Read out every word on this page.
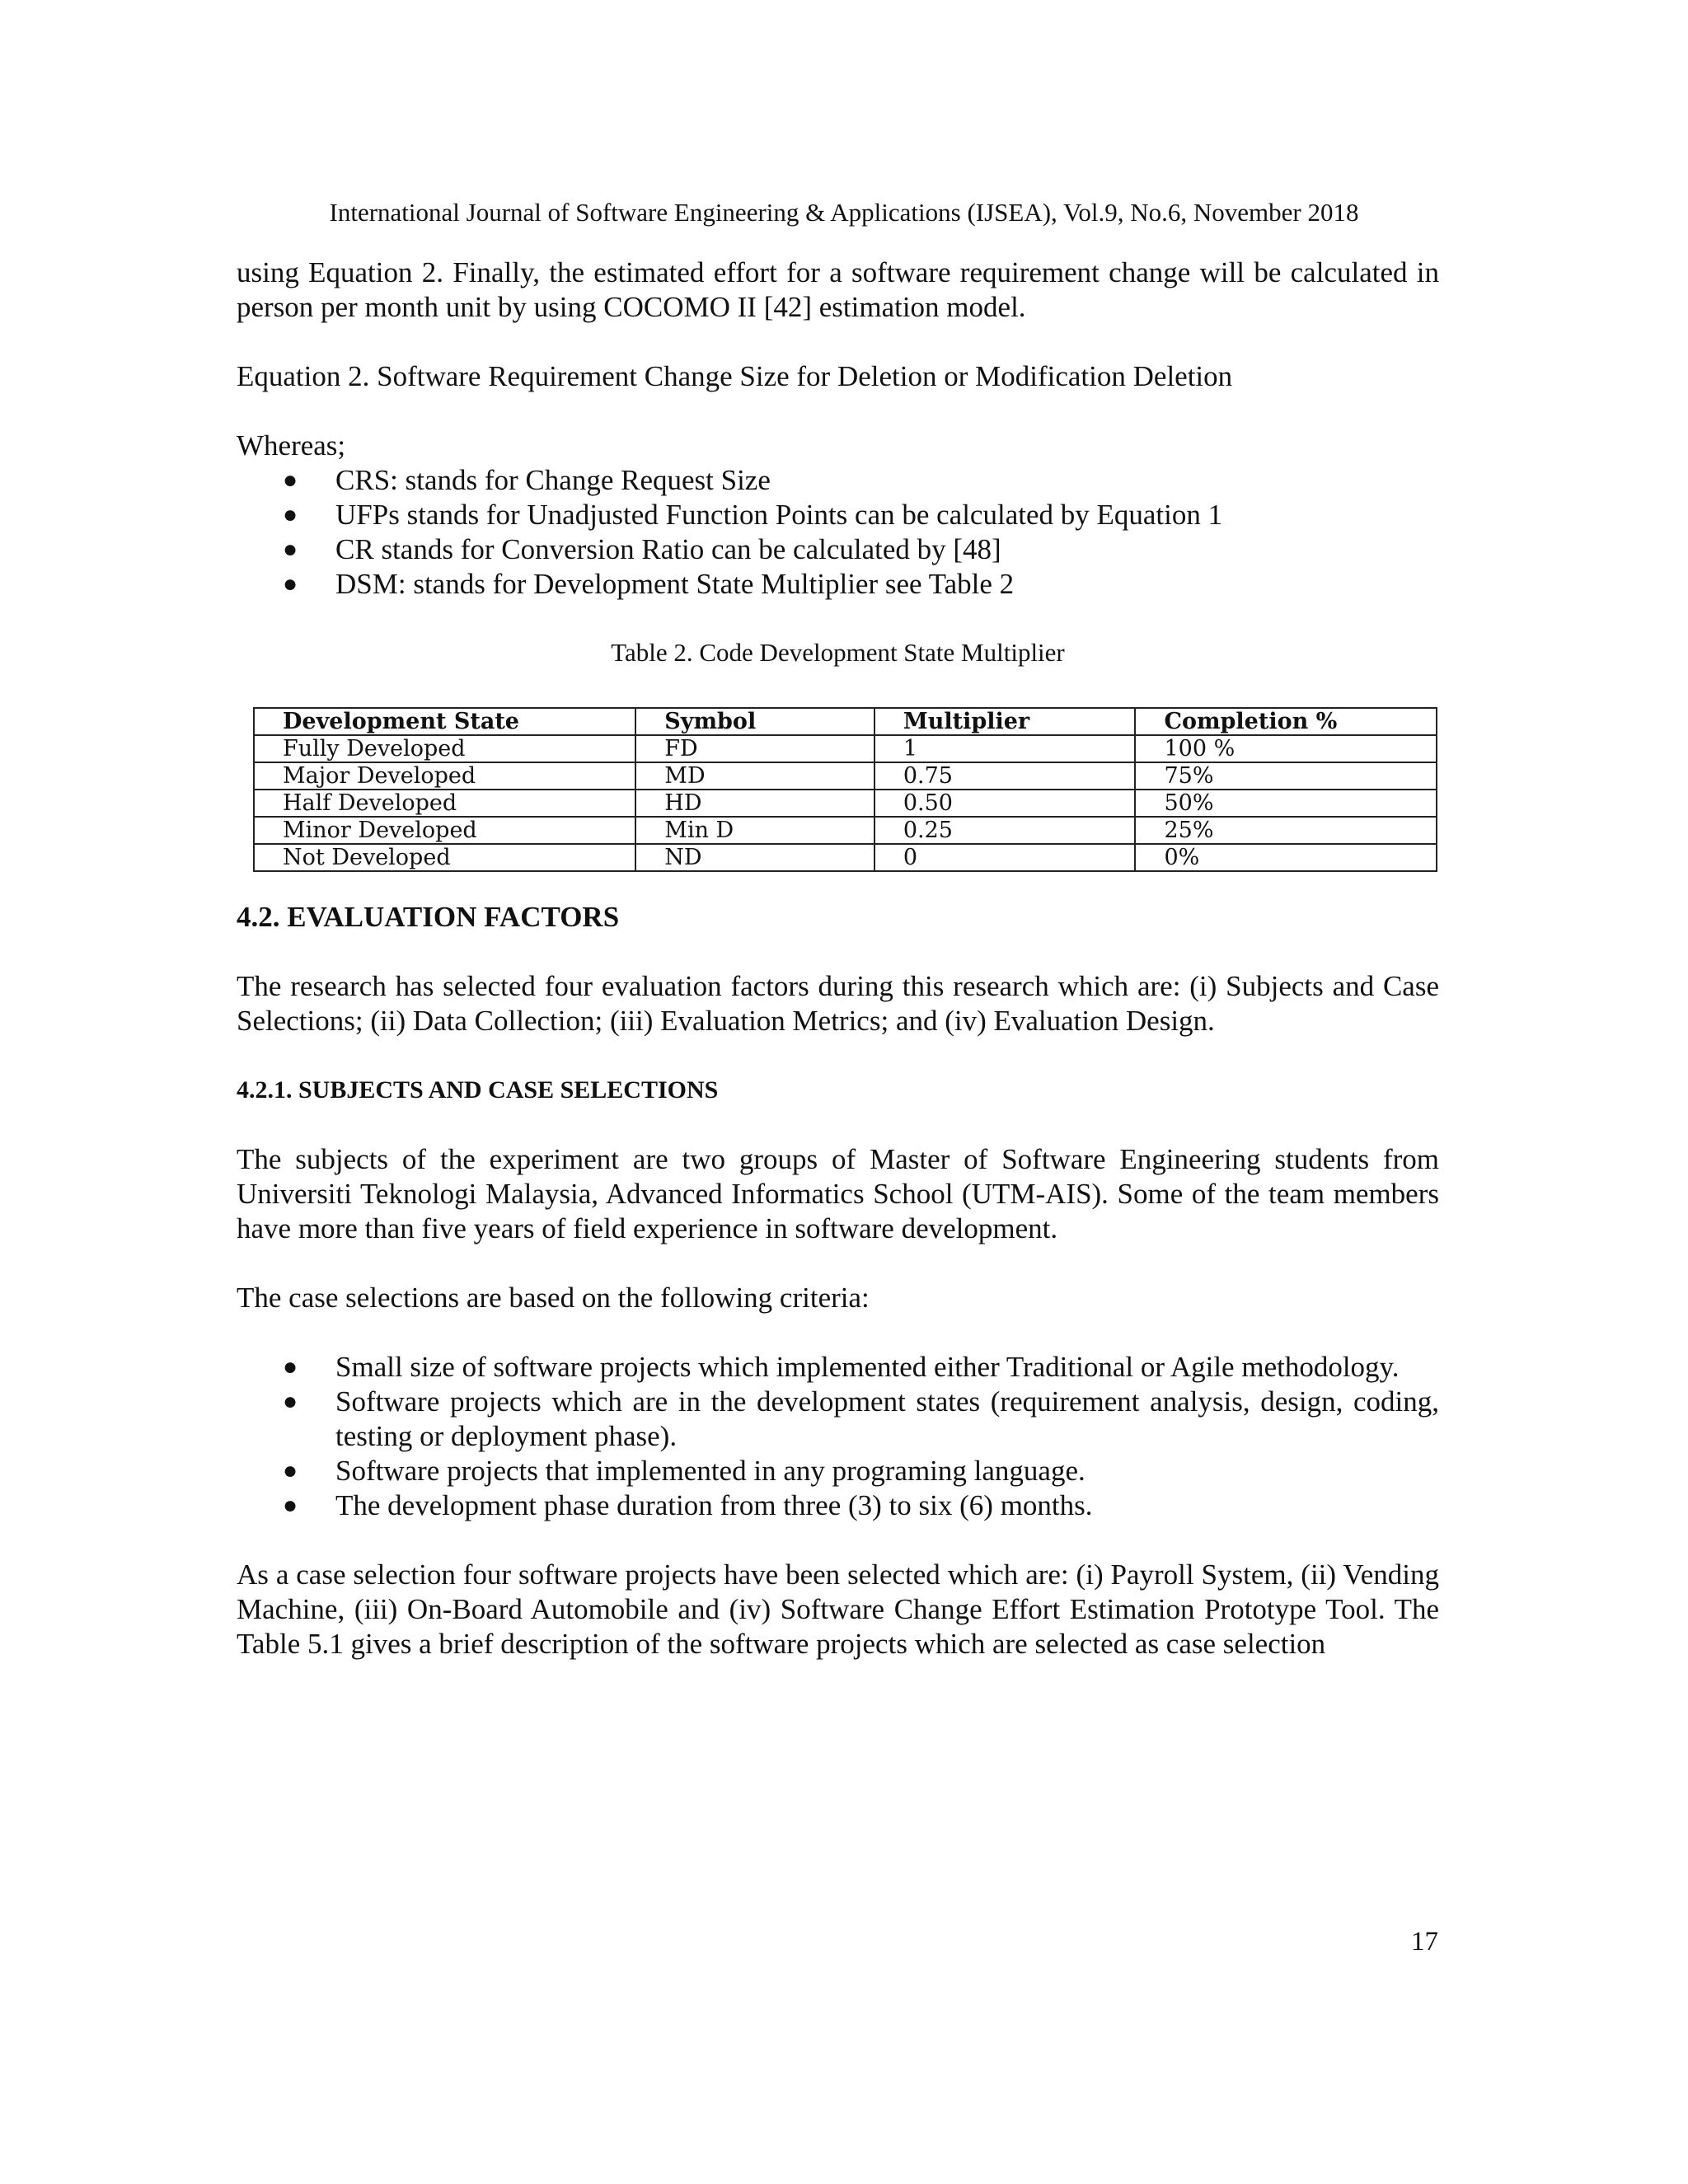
International Journal of Software Engineering & Applications (IJSEA), Vol.9, No.6, November 2018

using Equation 2. Finally, the estimated effort for a software requirement change will be calculated in person per month unit by using COCOMO II [42] estimation model.

Equation 2. Software Requirement Change Size for Deletion or Modification Deletion

Whereas;

● CRS: stands for Change Request Size
● UFPs stands for Unadjusted Function Points can be calculated by Equation 1
● CR stands for Conversion Ratio can be calculated by [48]
● DSM: stands for Development State Multiplier see Table 2

Table 2. Code Development State Multiplier

Development State	Symbol	Multiplier	Completion %
Fully Developed	FD	1	100 %
Major Developed	MD	0.75	75%
Half Developed	HD	0.50	50%
Minor Developed	Min D	0.25	25%
Not Developed	ND	0	0%
4.2. EVALUATION FACTORS

The research has selected four evaluation factors during this research which are: (i) Subjects and Case Selections; (ii) Data Collection; (iii) Evaluation Metrics; and (iv) Evaluation Design.

4.2.1. SUBJECTS AND CASE SELECTIONS

The subjects of the experiment are two groups of Master of Software Engineering students from Universiti Teknologi Malaysia, Advanced Informatics School (UTM-AIS). Some of the team members have more than five years of field experience in software development.

The case selections are based on the following criteria:

● Small size of software projects which implemented either Traditional or Agile methodology.
● Software projects which are in the development states (requirement analysis, design, coding, testing or deployment phase).
● Software projects that implemented in any programing language.
● The development phase duration from three (3) to six (6) months.

As a case selection four software projects have been selected which are: (i) Payroll System, (ii) Vending Machine, (iii) On-Board Automobile and (iv) Software Change Effort Estimation Prototype Tool. The Table 5.1 gives a brief description of the software projects which are selected as case selection

17
